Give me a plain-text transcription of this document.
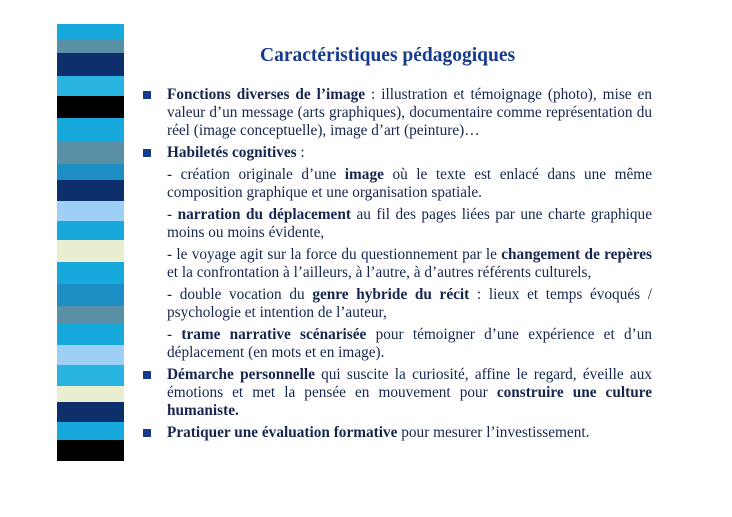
Caractéristiques pédagogiques

Fonctions diverses de l’image : illustration et témoignage (photo), mise en valeur d’un message (arts graphiques), documentaire comme représentation du réel (image conceptuelle), image d’art (peinture)…

Habiletés cognitives :

- création originale d’une image où le texte est enlacé dans une même composition graphique et une organisation spatiale.

- narration du déplacement au fil des pages liées par une charte graphique moins ou moins évidente,

- le voyage agit sur la force du questionnement par le changement de repères et la confrontation à l’ailleurs, à l’autre, à d’autres référents culturels,

- double vocation du genre hybride du récit : lieux et temps évoqués / psychologie et intention de l’auteur,

- trame narrative scénarisée pour témoigner d’une expérience et d’un déplacement (en mots et en image).

Démarche personnelle qui suscite la curiosité, affine le regard, éveille aux émotions et met la pensée en mouvement pour construire une culture humaniste.

Pratiquer une évaluation formative pour mesurer l’investissement.
